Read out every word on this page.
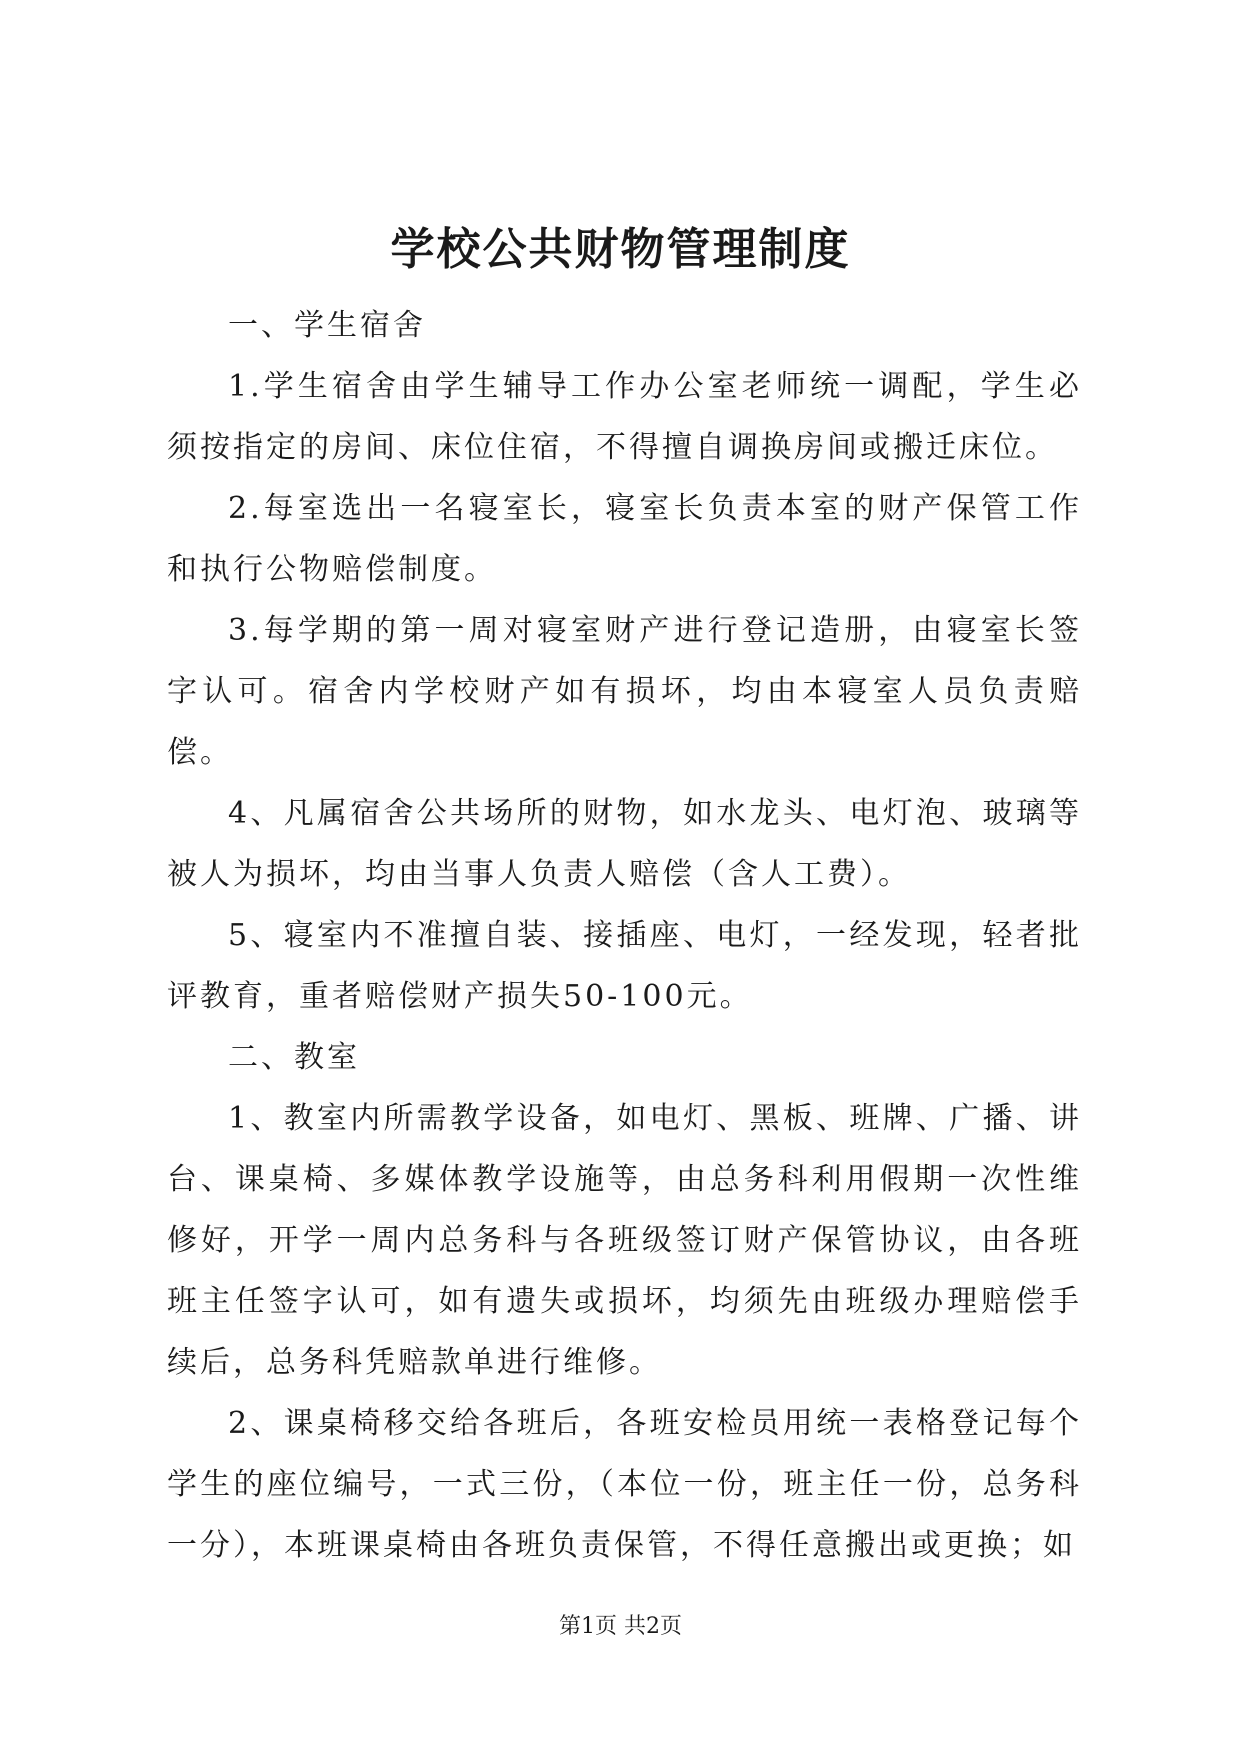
学校公共财物管理制度

一、学生宿舍

1.学生宿舍由学生辅导工作办公室老师统一调配，学生必须按指定的房间、床位住宿，不得擅自调换房间或搬迁床位。

2.每室选出一名寝室长，寝室长负责本室的财产保管工作和执行公物赔偿制度。

3.每学期的第一周对寝室财产进行登记造册，由寝室长签字认可。宿舍内学校财产如有损坏，均由本寝室人员负责赔偿。

4、凡属宿舍公共场所的财物，如水龙头、电灯泡、玻璃等被人为损坏，均由当事人负责人赔偿（含人工费）。

5、寝室内不准擅自装、接插座、电灯，一经发现，轻者批评教育，重者赔偿财产损失50-100元。

二、教室

1、教室内所需教学设备，如电灯、黑板、班牌、广播、讲台、课桌椅、多媒体教学设施等，由总务科利用假期一次性维修好，开学一周内总务科与各班级签订财产保管协议，由各班班主任签字认可，如有遗失或损坏，均须先由班级办理赔偿手续后，总务科凭赔款单进行维修。

2、课桌椅移交给各班后，各班安检员用统一表格登记每个学生的座位编号，一式三份，（本位一份，班主任一份，总务科一分），本班课桌椅由各班负责保管，不得任意搬出或更换；如

第1页 共2页
